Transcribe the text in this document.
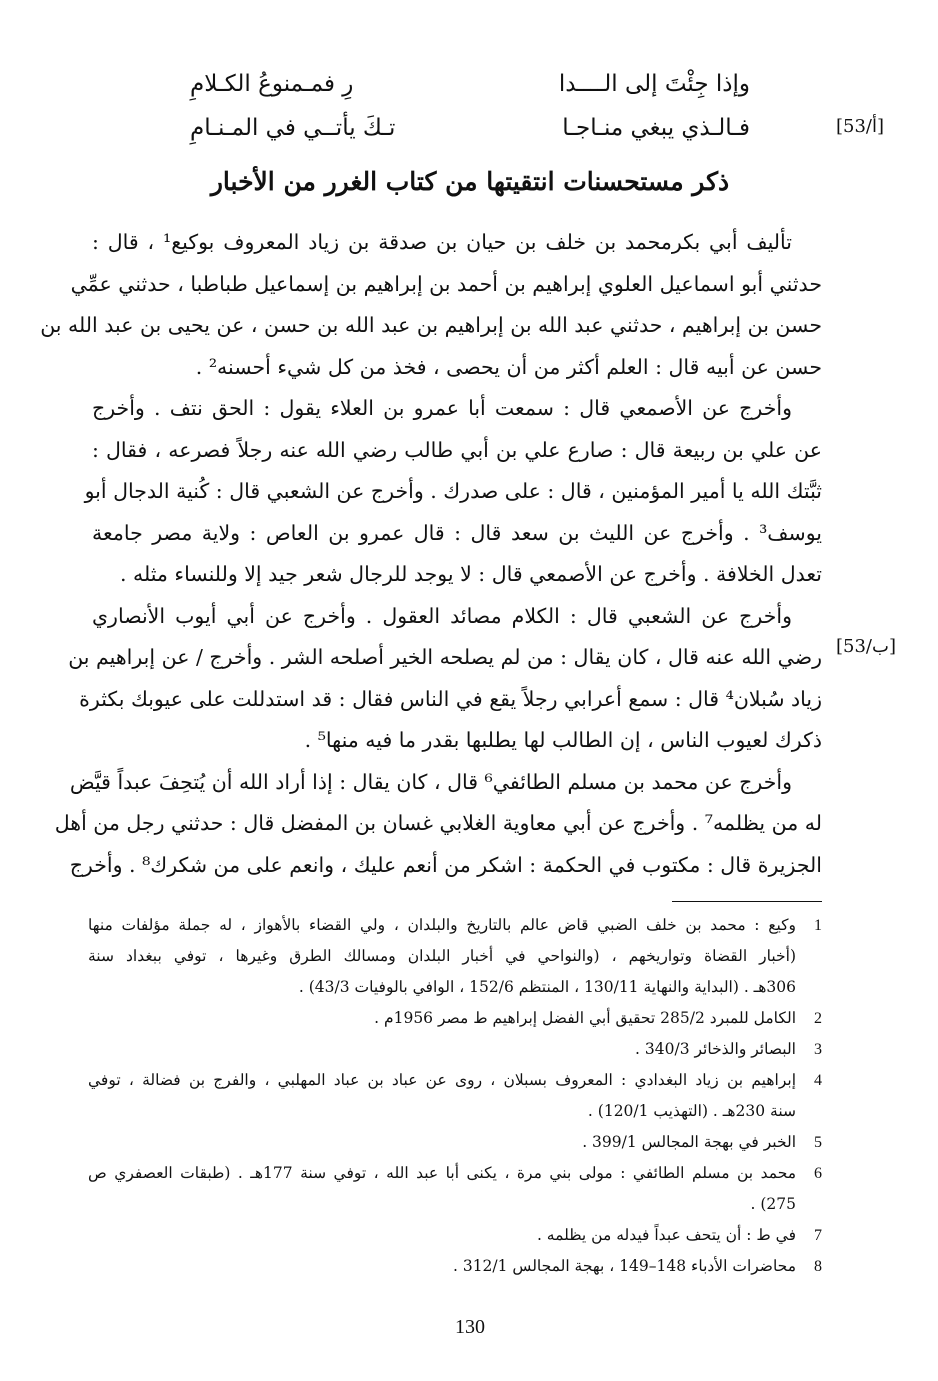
وإذا جِئْتَ إلى الــــدا
رِ فمـمنوعُ الكـلامِ
فـالـذي يبغي منـاجـا
تـكَ يأتــي في المـنـامِ	[53/أ]
[53/ب]
ذكر مستحسنات انتقيتها من كتاب الغرر من الأخبار
تأليف أبي بكرمحمد بن خلف بن حيان بن صدقة بن زياد المعروف بوكيع¹ ، قال :
حدثني أبو اسماعيل العلوي إبراهيم بن أحمد بن إبراهيم بن إسماعيل طباطبا ، حدثني عمِّي
حسن بن إبراهيم ، حدثني عبد الله بن إبراهيم بن عبد الله بن حسن ، عن يحيى بن عبد الله بن
حسن عن أبيه قال : العلم أكثر من أن يحصى ، فخذ من كل شيء أحسنه² .
وأخرج عن الأصمعي قال : سمعت أبا عمرو بن العلاء يقول : الحق نتف . وأخرج
عن علي بن ربيعة قال : صارع علي بن أبي طالب رضي الله عنه رجلاً فصرعه ، فقال :
ثبَّتك الله يا أمير المؤمنين ، قال : على صدرك . وأخرج عن الشعبي قال : كُنية الدجال أبو
يوسف³ . وأخرج عن الليث بن سعد قال : قال عمرو بن العاص : ولاية مصر جامعة
تعدل الخلافة . وأخرج عن الأصمعي قال : لا يوجد للرجال شعر جيد إلا وللنساء مثله .
وأخرج عن الشعبي قال : الكلام مصائد العقول . وأخرج عن أبي أيوب الأنصاري
رضي الله عنه قال ، كان يقال : من لم يصلحه الخير أصلحه الشر . وأخرج / عن إبراهيم بن
زياد سُبلان⁴ قال : سمع أعرابي رجلاً يقع في الناس فقال : قد استدللت على عيوبك بكثرة
ذكرك لعيوب الناس ، إن الطالب لها يطلبها بقدر ما فيه منها⁵ .
وأخرج عن محمد بن مسلم الطائفي⁶ قال ، كان يقال : إذا أراد الله أن يُتحِفَ عبداً قيَّض
له من يظلمه⁷ . وأخرج عن أبي معاوية الغلابي غسان بن المفضل قال : حدثني رجل من أهل
الجزيرة قال : مكتوب في الحكمة : اشكر من أنعم عليك ، وانعم على من شكرك⁸ . وأخرج
1
وكيع : محمد بن خلف الضبي قاض عالم بالتاريخ والبلدان ، ولي القضاء بالأهواز ، له جملة مؤلفات منها
(أخبار القضاة وتواريخهم ، (والنواحي في أخبار البلدان ومسالك الطرق وغيرها ، توفي ببغداد سنة
306هـ . (البداية والنهاية 130/11 ، المنتظم 152/6 ، الوافي بالوفيات 43/3) .
2
الكامل للمبرد 285/2 تحقيق أبي الفضل إبراهيم ط مصر 1956م .
3
البصائر والذخائر 340/3 .
4
إبراهيم بن زياد البغدادي : المعروف بسبلان ، روى عن عباد بن عباد المهلبي ، والفرج بن فضالة ، توفي
سنة 230هـ . (التهذيب 120/1) .
5
الخبر في بهجة المجالس 399/1 .
6
محمد بن مسلم الطائفي : مولى بني مرة ، يكنى أبا عبد الله ، توفي سنة 177هـ . (طبقات العصفري ص
275) .
7
في ط : أن يتحف عبداً فيدله من يظلمه .
8
محاضرات الأدباء 148–149 ، بهجة المجالس 312/1 .
130
